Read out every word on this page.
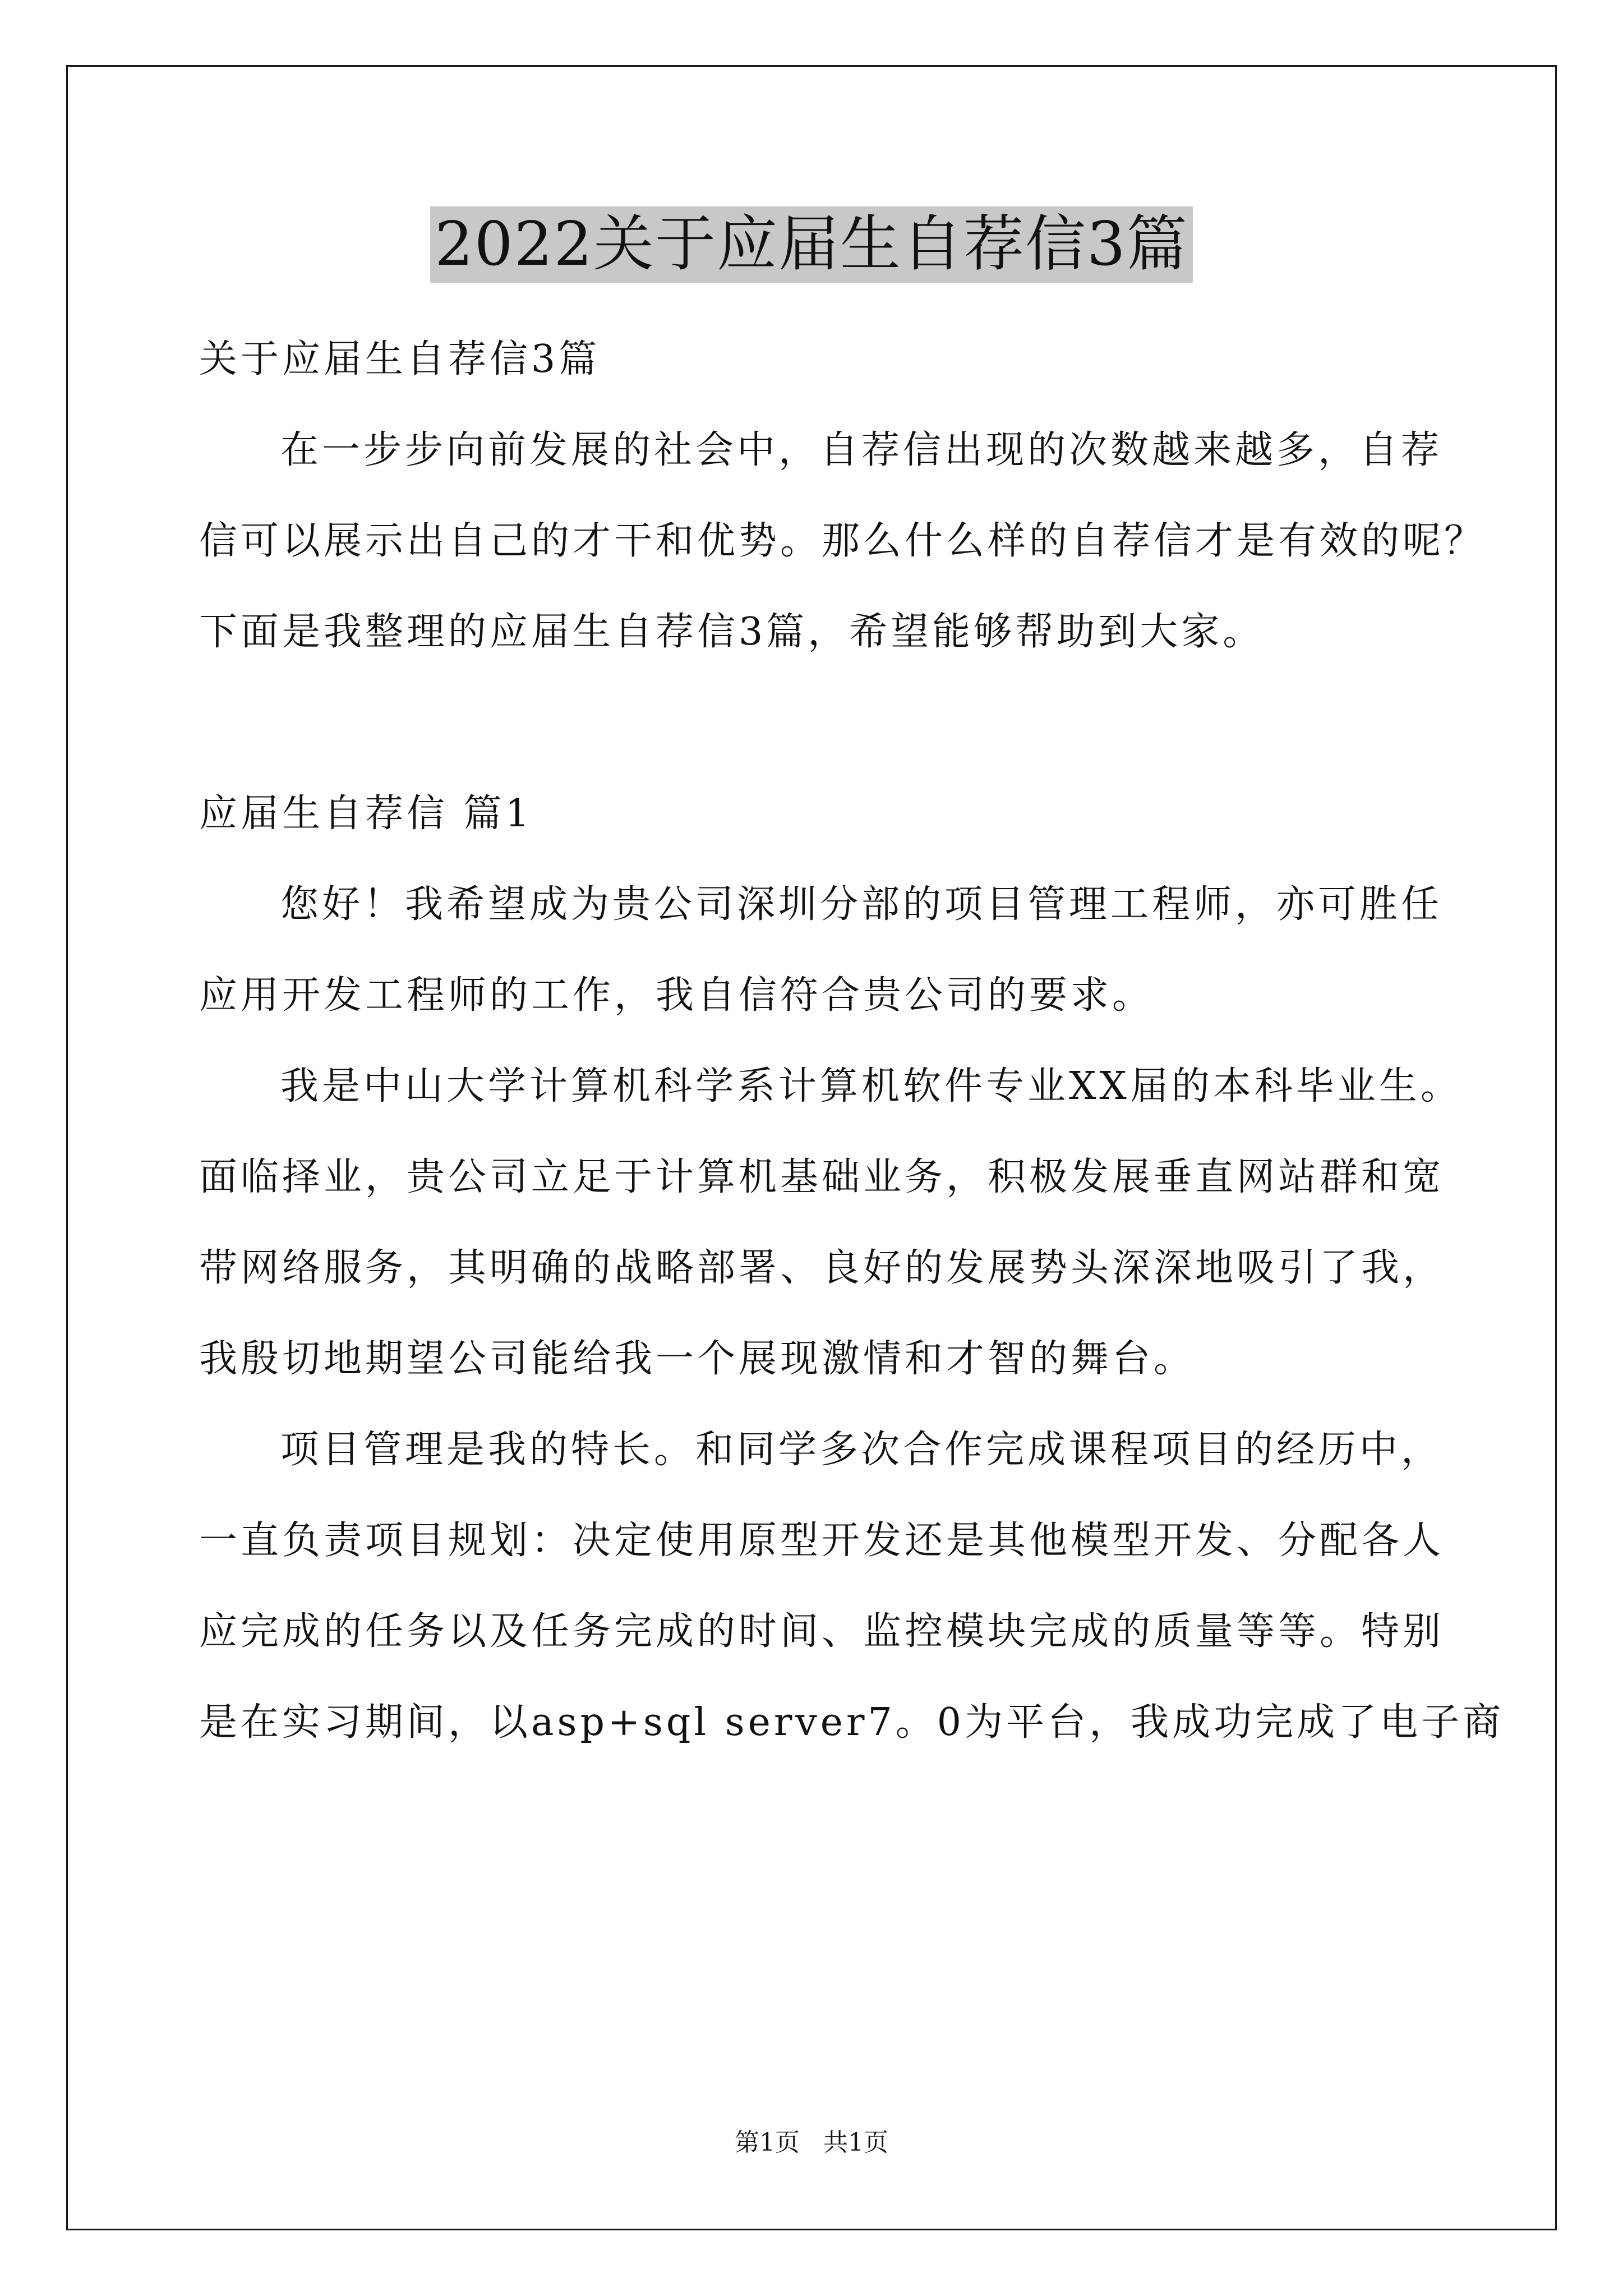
2022关于应届生自荐信3篇
关于应届生自荐信3篇
在一步步向前发展的社会中，自荐信出现的次数越来越多，自荐
信可以展示出自己的才干和优势。那么什么样的自荐信才是有效的呢？
下面是我整理的应届生自荐信3篇，希望能够帮助到大家。
应届生自荐信 篇1
您好！我希望成为贵公司深圳分部的项目管理工程师，亦可胜任
应用开发工程师的工作，我自信符合贵公司的要求。
我是中山大学计算机科学系计算机软件专业XX届的本科毕业生。
面临择业，贵公司立足于计算机基础业务，积极发展垂直网站群和宽
带网络服务，其明确的战略部署、良好的发展势头深深地吸引了我，
我殷切地期望公司能给我一个展现激情和才智的舞台。
项目管理是我的特长。和同学多次合作完成课程项目的经历中，
一直负责项目规划：决定使用原型开发还是其他模型开发、分配各人
应完成的任务以及任务完成的时间、监控模块完成的质量等等。特别
是在实习期间，以asp+sql server7。0为平台，我成功完成了电子商
第1页   共1页
